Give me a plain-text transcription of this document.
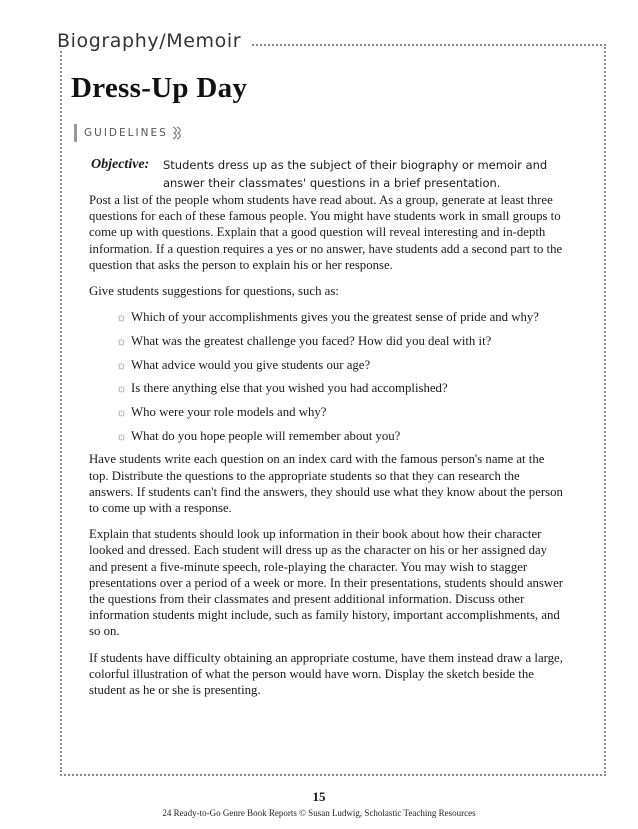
Biography/Memoir
Dress-Up Day
GUIDELINES
Objective:	Students dress up as the subject of their biography or memoir and
answer their classmates' questions in a brief presentation.

Post a list of the people whom students have read about. As a group, generate at least three questions for each of these famous people. You might have students work in small groups to come up with questions. Explain that a good question will reveal interesting and in-depth information. If a question requires a yes or no answer, have students add a second part to the question that asks the person to explain his or her response.

Give students suggestions for questions, such as:

☼ Which of your accomplishments gives you the greatest sense of pride and why?
☼ What was the greatest challenge you faced? How did you deal with it?
☼ What advice would you give students our age?
☼ Is there anything else that you wished you had accomplished?
☼ Who were your role models and why?
☼ What do you hope people will remember about you?

Have students write each question on an index card with the famous person's name at the top. Distribute the questions to the appropriate students so that they can research the answers. If students can't find the answers, they should use what they know about the person to come up with a response.

Explain that students should look up information in their book about how their character looked and dressed. Each student will dress up as the character on his or her assigned day and present a five-minute speech, role-playing the character. You may wish to stagger presentations over a period of a week or more. In their presentations, students should answer the questions from their classmates and present additional information. Discuss other information students might include, such as family history, important accomplishments, and so on.

If students have difficulty obtaining an appropriate costume, have them instead draw a large, colorful illustration of what the person would have worn. Display the sketch beside the student as he or she is presenting.

15
24 Ready-to-Go Genre Book Reports © Susan Ludwig, Scholastic Teaching Resources
